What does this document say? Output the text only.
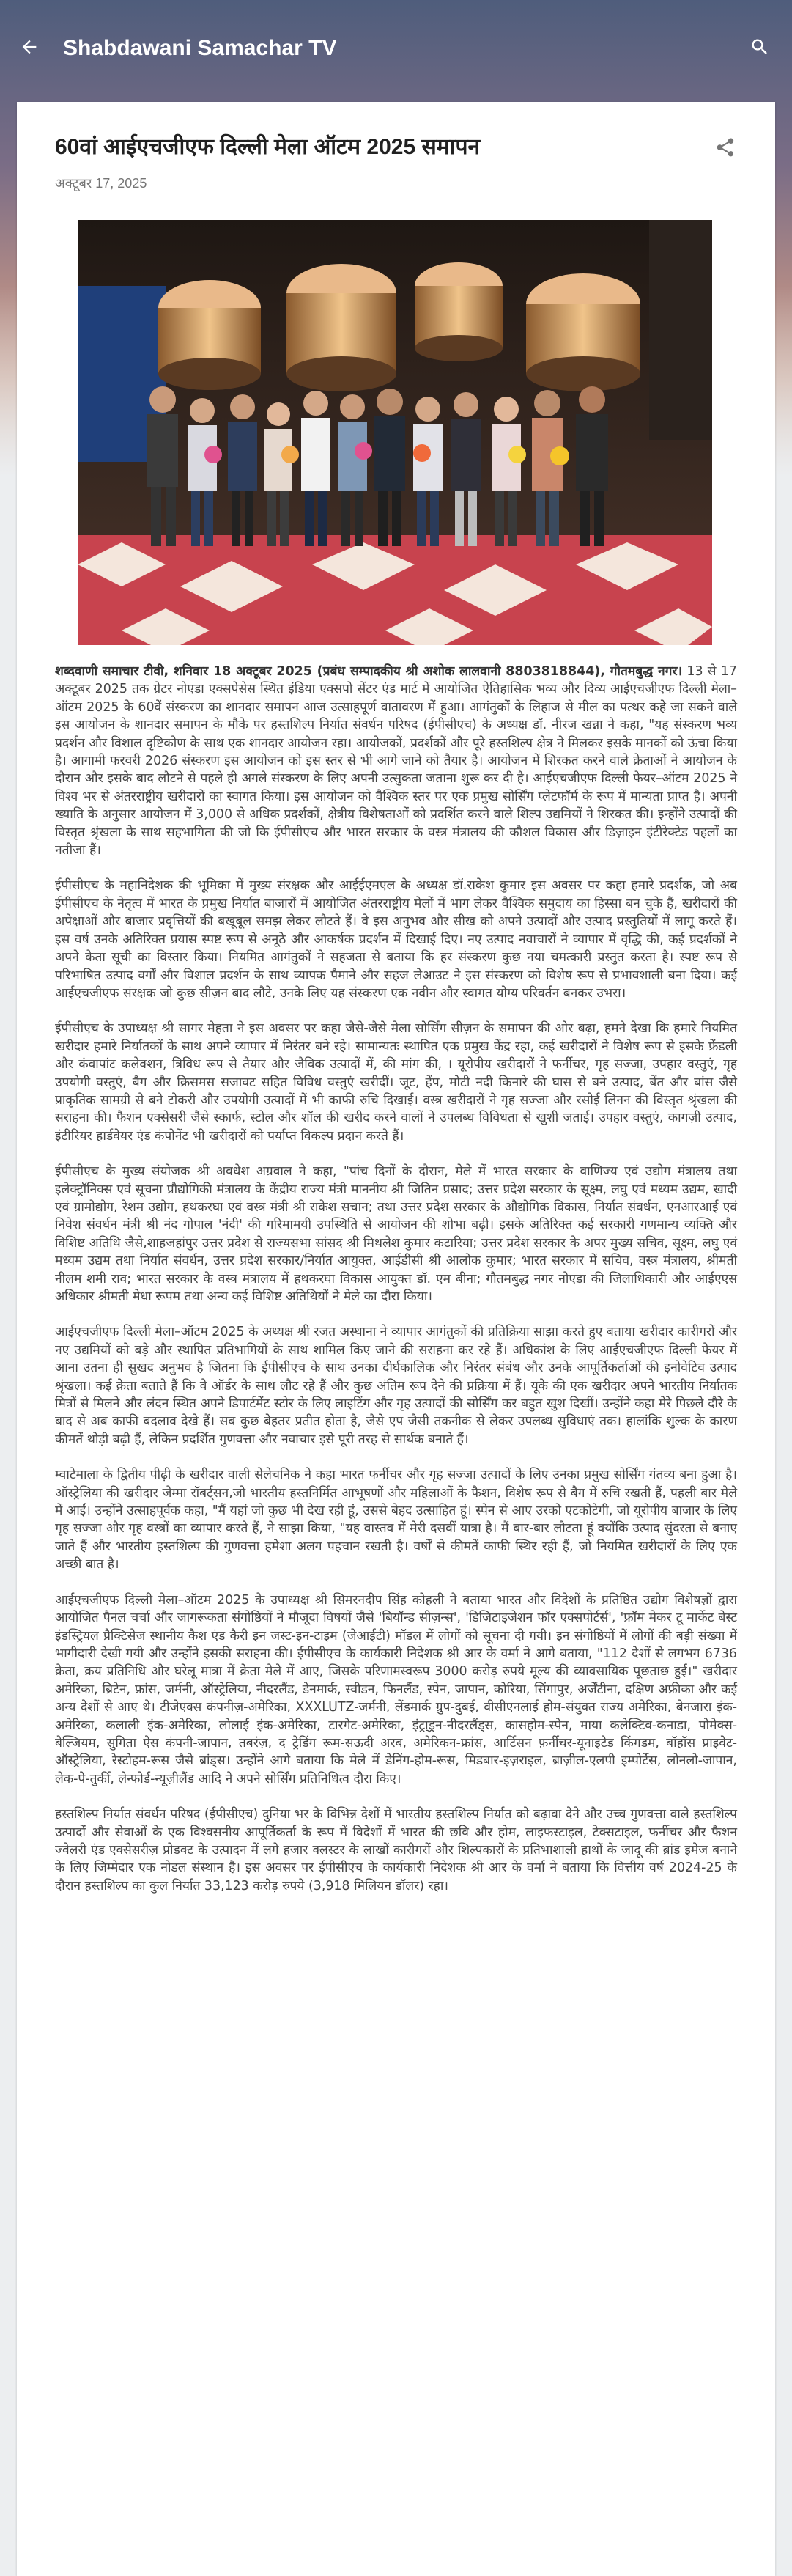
Shabdawani Samachar TV
60वां आईएचजीएफ दिल्ली मेला ऑटम 2025 समापन
अक्टूबर 17, 2025

शब्दवाणी समाचार टीवी, शनिवार 18 अक्टूबर 2025 (प्रबंध सम्पादकीय श्री अशोक लालवानी 8803818844), गौतमबुद्ध नगर। 13 से 17 अक्टूबर 2025 तक ग्रेटर नोएडा एक्सपेसेस स्थित इंडिया एक्सपो सेंटर एंड मार्ट में आयोजित ऐतिहासिक भव्य और दिव्य आईएचजीएफ दिल्ली मेला–ऑटम 2025 के 60वें संस्करण का शानदार समापन आज उत्साहपूर्ण वातावरण में हुआ। आगंतुकों के लिहाज से मील का पत्थर कहे जा सकने वाले इस आयोजन के शानदार समापन के मौके पर हस्तशिल्प निर्यात संवर्धन परिषद (ईपीसीएच) के अध्यक्ष डॉ. नीरज खन्ना ने कहा, "यह संस्करण भव्य प्रदर्शन और विशाल दृष्टिकोण के साथ एक शानदार आयोजन रहा। आयोजकों, प्रदर्शकों और पूरे हस्तशिल्प क्षेत्र ने मिलकर इसके मानकों को ऊंचा किया है। आगामी फरवरी 2026 संस्करण इस आयोजन को इस स्तर से भी आगे जाने को तैयार है। आयोजन में शिरकत करने वाले क्रेताओं ने आयोजन के दौरान और इसके बाद लौटने से पहले ही अगले संस्करण के लिए अपनी उत्सुकता जताना शुरू कर दी है। आईएचजीएफ दिल्ली फेयर–ऑटम 2025 ने विश्व भर से अंतरराष्ट्रीय खरीदारों का स्वागत किया। इस आयोजन को वैश्विक स्तर पर एक प्रमुख सोर्सिंग प्लेटफॉर्म के रूप में मान्यता प्राप्त है। अपनी ख्याति के अनुसार आयोजन में 3,000 से अधिक प्रदर्शकों, क्षेत्रीय विशेषताओं को प्रदर्शित करने वाले शिल्प उद्यमियों ने शिरकत की। इन्होंने उत्पादों की विस्तृत श्रृंखला के साथ सहभागिता की जो कि ईपीसीएच और भारत सरकार के वस्त्र मंत्रालय की कौशल विकास और डिज़ाइन इंटीरेक्टेड पहलों का नतीजा हैं।

ईपीसीएच के महानिदेशक की भूमिका में मुख्य संरक्षक और आईईएमएल के अध्यक्ष डॉ.राकेश कुमार इस अवसर पर कहा हमारे प्रदर्शक, जो अब ईपीसीएच के नेतृत्व में भारत के प्रमुख निर्यात बाजारों में आयोजित अंतरराष्ट्रीय मेलों में भाग लेकर वैश्विक समुदाय का हिस्सा बन चुके हैं, खरीदारों की अपेक्षाओं और बाजार प्रवृत्तियों की बखूबूल समझ लेकर लौटते हैं। वे इस अनुभव और सीख को अपने उत्पादों और उत्पाद प्रस्तुतियों में लागू करते हैं। इस वर्ष उनके अतिरिक्त प्रयास स्पष्ट रूप से अनूठे और आकर्षक प्रदर्शन में दिखाई दिए। नए उत्पाद नवाचारों ने व्यापार में वृद्धि की, कई प्रदर्शकों ने अपने केता सूची का विस्तार किया। नियमित आगंतुकों ने सहजता से बताया कि हर संस्करण कुछ नया चमत्कारी प्रस्तुत करता है। स्पष्ट रूप से परिभाषित उत्पाद वर्गों और विशाल प्रदर्शन के साथ व्यापक पैमाने और सहज लेआउट ने इस संस्करण को विशेष रूप से प्रभावशाली बना दिया। कई आईएचजीएफ संरक्षक जो कुछ सीज़न बाद लौटे, उनके लिए यह संस्करण एक नवीन और स्वागत योग्य परिवर्तन बनकर उभरा।

ईपीसीएच के उपाध्यक्ष श्री सागर मेहता ने इस अवसर पर कहा जैसे-जैसे मेला सोर्सिंग सीज़न के समापन की ओर बढ़ा, हमने देखा कि हमारे नियमित खरीदार हमारे निर्यातकों के साथ अपने व्यापार में निरंतर बने रहे। सामान्यतः स्थापित एक प्रमुख केंद्र रहा, कई खरीदारों ने विशेष रूप से इसके फ्रेंडली और कंवापांट कलेक्शन, त्रिविध रूप से तैयार और जैविक उत्पादों में, की मांग की, । यूरोपीय खरीदारों ने फर्नीचर, गृह सज्जा, उपहार वस्तुएं, गृह उपयोगी वस्तुएं, बैग और क्रिसमस सजावट सहित विविध वस्तुएं खरीदीं। जूट, हेंप, मोटी नदी किनारे की घास से बने उत्पाद, बेंत और बांस जैसे प्राकृतिक सामग्री से बने टोकरी और उपयोगी उत्पादों में भी काफी रुचि दिखाई। वस्त्र खरीदारों ने गृह सज्जा और रसोई लिनन की विस्तृत श्रृंखला की सराहना की। फैशन एक्सेसरी जैसे स्कार्फ, स्टोल और शॉल की खरीद करने वालों ने उपलब्ध विविधता से खुशी जताई। उपहार वस्तुएं, कागज़ी उत्पाद, इंटीरियर हार्डवेयर एंड कंपोनेंट भी खरीदारों को पर्याप्त विकल्प प्रदान करते हैं।

ईपीसीएच के मुख्य संयोजक श्री अवधेश अग्रवाल ने कहा, "पांच दिनों के दौरान, मेले में भारत सरकार के वाणिज्य एवं उद्योग मंत्रालय तथा इलेक्ट्रॉनिक्स एवं सूचना प्रौद्योगिकी मंत्रालय के केंद्रीय राज्य मंत्री माननीय श्री जितिन प्रसाद; उत्तर प्रदेश सरकार के सूक्ष्म, लघु एवं मध्यम उद्यम, खादी एवं ग्रामोद्योग, रेशम उद्योग, हथकरघा एवं वस्त्र मंत्री श्री राकेश सचान; तथा उत्तर प्रदेश सरकार के औद्योगिक विकास, निर्यात संवर्धन, एनआरआई एवं निवेश संवर्धन मंत्री श्री नंद गोपाल 'नंदी' की गरिमामयी उपस्थिति से आयोजन की शोभा बढ़ी। इसके अतिरिक्त कई सरकारी गणमान्य व्यक्ति और विशिष्ट अतिथि जैसे,शाहजहांपुर उत्तर प्रदेश से राज्यसभा सांसद श्री मिथलेश कुमार कटारिया; उत्तर प्रदेश सरकार के अपर मुख्य सचिव, सूक्ष्म, लघु एवं मध्यम उद्यम तथा निर्यात संवर्धन, उत्तर प्रदेश सरकार/निर्यात आयुक्त, आईडीसी श्री आलोक कुमार; भारत सरकार में सचिव, वस्त्र मंत्रालय, श्रीमती नीलम शमी राव; भारत सरकार के वस्त्र मंत्रालय में हथकरघा विकास आयुक्त डॉ. एम बीना; गौतमबुद्ध नगर नोएडा की जिलाधिकारी और आईएएस अधिकार श्रीमती मेधा रूपम तथा अन्य कई विशिष्ट अतिथियों ने मेले का दौरा किया।

आईएचजीएफ दिल्ली मेला–ऑटम 2025 के अध्यक्ष श्री रजत अस्थाना ने व्यापार आगंतुकों की प्रतिक्रिया साझा करते हुए बताया खरीदार कारीगरों और नए उद्यमियों को बड़े और स्थापित प्रतिभागियों के साथ शामिल किए जाने की सराहना कर रहे हैं। अधिकांश के लिए आईएचजीएफ दिल्ली फेयर में आना उतना ही सुखद अनुभव है जितना कि ईपीसीएच के साथ उनका दीर्घकालिक और निरंतर संबंध और उनके आपूर्तिकर्ताओं की इनोवेटिव उत्पाद श्रृंखला। कई क्रेता बताते हैं कि वे ऑर्डर के साथ लौट रहे हैं और कुछ अंतिम रूप देने की प्रक्रिया में हैं। यूके की एक खरीदार अपने भारतीय निर्यातक मित्रों से मिलने और लंदन स्थित अपने डिपार्टमेंट स्टोर के लिए लाइटिंग और गृह उत्पादों की सोर्सिंग कर बहुत खुश दिखीं। उन्होंने कहा मेरे पिछले दौरे के बाद से अब काफी बदलाव देखे हैं। सब कुछ बेहतर प्रतीत होता है, जैसे एप जैसी तकनीक से लेकर उपलब्ध सुविधाएं तक। हालांकि शुल्क के कारण कीमतें थोड़ी बढ़ी हैं, लेकिन प्रदर्शित गुणवत्ता और नवाचार इसे पूरी तरह से सार्थक बनाते हैं।

म्वाटेमाला के द्वितीय पीढ़ी के खरीदार वाली सेलेचनिक ने कहा भारत फर्नीचर और गृह सज्जा उत्पादों के लिए उनका प्रमुख सोर्सिंग गंतव्य बना हुआ है। ऑस्ट्रेलिया की खरीदार जेम्मा रॉबर्ट्सन,जो भारतीय हस्तनिर्मित आभूषणों और महिलाओं के फैशन, विशेष रूप से बैग में रुचि रखती हैं, पहली बार मेले में आईं। उन्होंने उत्साहपूर्वक कहा, "मैं यहां जो कुछ भी देख रही हूं, उससे बेहद उत्साहित हूं। स्पेन से आए उरको एटकोटेगी, जो यूरोपीय बाजार के लिए गृह सज्जा और गृह वस्त्रों का व्यापार करते हैं, ने साझा किया, "यह वास्तव में मेरी दसवीं यात्रा है। मैं बार-बार लौटता हूं क्योंकि उत्पाद सुंदरता से बनाए जाते हैं और भारतीय हस्तशिल्प की गुणवत्ता हमेशा अलग पहचान रखती है। वर्षों से कीमतें काफी स्थिर रही हैं, जो नियमित खरीदारों के लिए एक अच्छी बात है।

आईएचजीएफ दिल्ली मेला–ऑटम 2025 के उपाध्यक्ष श्री सिमरनदीप सिंह कोहली ने बताया भारत और विदेशों के प्रतिष्ठित उद्योग विशेषज्ञों द्वारा आयोजित पैनल चर्चा और जागरूकता संगोष्ठियों ने मौजूदा विषयों जैसे 'बियॉन्ड सीज़न्स', 'डिजिटाइजेशन फॉर एक्सपोर्टर्स', 'फ्रॉम मेकर टू मार्केट बेस्ट इंडस्ट्रियल प्रैक्टिसेज स्थानीय कैश एंड कैरी इन जस्ट-इन-टाइम (जेआईटी) मॉडल में लोगों को सूचना दी गयी। इन संगोष्ठियों में लोगों की बड़ी संख्या में भागीदारी देखी गयी और उन्होंने इसकी सराहना की। ईपीसीएच के कार्यकारी निदेशक श्री आर के वर्मा ने आगे बताया, "112 देशों से लगभग 6736 क्रेता, क्रय प्रतिनिधि और घरेलू मात्रा में क्रेता मेले में आए, जिसके परिणामस्वरूप 3000 करोड़ रुपये मूल्य की व्यावसायिक पूछताछ हुई।" खरीदार अमेरिका, ब्रिटेन, फ्रांस, जर्मनी, ऑस्ट्रेलिया, नीदरलैंड, डेनमार्क, स्वीडन, फिनलैंड, स्पेन, जापान, कोरिया, सिंगापुर, अर्जेंटीना, दक्षिण अफ्रीका और कई अन्य देशों से आए थे। टीजेएक्स कंपनीज़-अमेरिका, XXXLUTZ-जर्मनी, लेंडमार्क ग्रुप-दुबई, वीसीएनलाई होम-संयुक्त राज्य अमेरिका, बेनजारा इंक-अमेरिका, कलाली इंक-अमेरिका, लोलाई इंक-अमेरिका, टारगेट-अमेरिका, इंट्रा्ड्रन-नीदरलैंड्स, कासहोम-स्पेन, माया कलेक्टिव-कनाडा, पोमेक्स-बेल्जियम, सुगिता ऐस कंपनी-जापान, तबरंज़, द ट्रेडिंग रूम-सऊदी अरब, अमेरिकन-फ्रांस, आर्टिसन फ़र्नीचर-यूनाइटेड किंगडम, बॉहॉस प्राइवेट-ऑस्ट्रेलिया, रेस्टोहम-रूस जैसे ब्रांड्स। उन्होंने आगे बताया कि मेले में डेनिंग-होम-रूस, मिडबार-इज़राइल, ब्राज़ील-एलपी इम्पोर्टेस, लोनलो-जापान, लेक-पे-तुर्की, लेन्फोर्ड-न्यूज़ीलैंड आदि ने अपने सोर्सिंग प्रतिनिधित्व दौरा किए।

हस्तशिल्प निर्यात संवर्धन परिषद (ईपीसीएच) दुनिया भर के विभिन्न देशों में भारतीय हस्तशिल्प निर्यात को बढ़ावा देने और उच्च गुणवत्ता वाले हस्तशिल्प उत्पादों और सेवाओं के एक विश्वसनीय आपूर्तिकर्ता के रूप में विदेशों में भारत की छवि और होम, लाइफस्टाइल, टेक्सटाइल, फर्नीचर और फैशन ज्वेलरी एंड एक्सेसरीज़ प्रोडक्ट के उत्पादन में लगे हजार क्लस्टर के लाखों कारीगरों और शिल्पकारों के प्रतिभाशाली हाथों के जादू की ब्रांड इमेज बनाने के लिए जिम्मेदार एक नोडल संस्थान है। इस अवसर पर ईपीसीएच के कार्यकारी निदेशक श्री आर के वर्मा ने बताया कि वित्तीय वर्ष 2024-25 के दौरान हस्तशिल्प का कुल निर्यात 33,123 करोड़ रुपये (3,918 मिलियन डॉलर) रहा।
